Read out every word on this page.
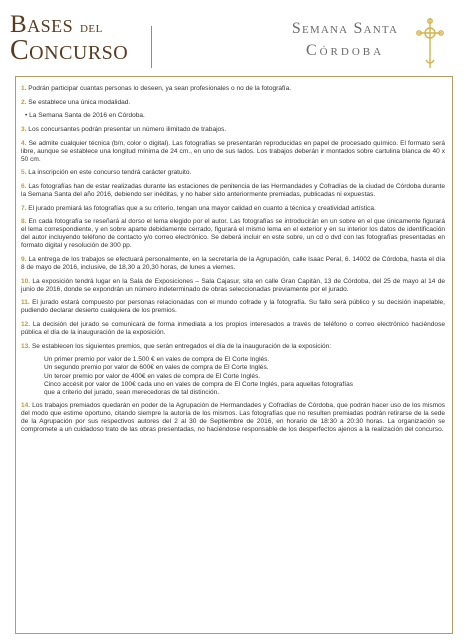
Bases del
Concurso
Semana Santa
Córdoba

1. Podrán participar cuantas personas lo deseen, ya sean profesionales o no de la fotografía.

2. Se establece una única modalidad.

• La Semana Santa de 2016 en Córdoba.

3. Los concursantes podrán presentar un número ilimitado de trabajos.

4. Se admite cualquier técnica (b/n, color o digital). Las fotografías se presentarán reproducidas en papel de procesado químico. El formato será libre, aunque se establece una longitud mínima de 24 cm., en uno de sus lados. Los trabajos deberán ir montados sobre cartulina blanca de 40 x 50 cm.

5. La inscripción en este concurso tendrá carácter gratuito.

6. Las fotografías han de estar realizadas durante las estaciones de penitencia de las Hermandades y Cofradías de la ciudad de Córdoba durante la Semana Santa del año 2016, debiendo ser inéditas, y no haber sido anteriormente premiadas, publicadas ni expuestas.

7. El jurado premiará las fotografías que a su criterio, tengan una mayor calidad en cuanto a técnica y creatividad artística.

8. En cada fotografía se reseñará al dorso el lema elegido por el autor. Las fotografías se introducirán en un sobre en el que únicamente figurará el lema correspondiente, y en sobre aparte debidamente cerrado, figurará el mismo lema en el exterior y en su interior los datos de identificación del autor incluyendo teléfono de contacto y/o correo electrónico. Se deberá incluir en este sobre, un cd o dvd con las fotografías presentadas en formato digital y resolución de 300 pp.

9. La entrega de los trabajos se efectuará personalmente, en la secretaría de la Agrupación, calle Isaac Peral, 6. 14002 de Córdoba, hasta el día 8 de mayo de 2016, inclusive, de 18,30 a 20,30 horas, de lunes a viernes.

10. La exposición tendrá lugar en la Sala de Exposiciones – Sala Cajasur, sita en calle Gran Capitán, 13 de Córdoba, del 25 de mayo al 14 de junio de 2016, donde se expondrán un número indeterminado de obras seleccionadas previamente por el jurado.

11. El jurado estará compuesto por personas relacionadas con el mundo cofrade y la fotografía. Su fallo será público y su decisión inapelable, pudiendo declarar desierto cualquiera de los premios.

12. La decisión del jurado se comunicará de forma inmediata a los propios interesados a través de teléfono o correo electrónico haciéndose pública el día de la inauguración de la exposición.

13. Se establecen los siguientes premios, que serán entregados el día de la inauguración de la exposición:

Un primer premio por valor de 1.500 € en vales de compra de El Corte Inglés.
Un segundo premio por valor de 600€ en vales de compra de El Corte Inglés.
Un tercer premio por valor de 400€ en vales de compra de El Corte Inglés.
Cinco accésit por valor de 100€ cada uno en vales de compra de El Corte Inglés, para aquellas fotografías
que a criterio del jurado, sean merecedoras de tal distinción.

14. Los trabajos premiados quedarán en poder de la Agrupación de Hermandades y Cofradías de Córdoba, que podrán hacer uso de los mismos del modo que estime oportuno, citando siempre la autoría de los mismos. Las fotografías que no resulten premiadas podrán retirarse de la sede de la Agrupación por sus respectivos autores del 2 al 30 de Septiembre de 2016, en horario de 18:30 a 20:30 horas. La organización se compromete a un cuidadoso trato de las obras presentadas, no haciéndose responsable de los desperfectos ajenos a la realización del concurso.
